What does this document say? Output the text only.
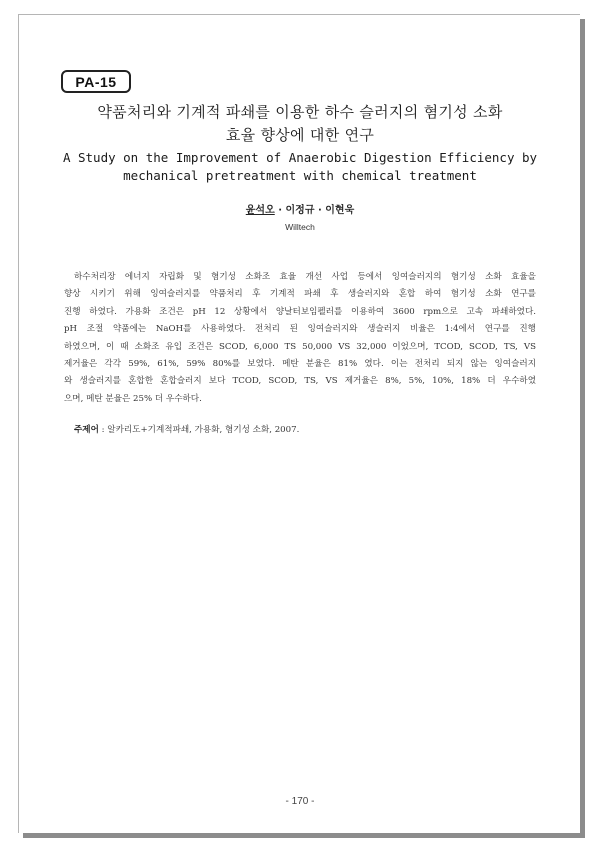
PA-15
약품처리와 기계적 파쇄를 이용한 하수 슬러지의 혐기성 소화
효율 향상에 대한 연구
A Study on the Improvement of Anaerobic Digestion Efficiency by
mechanical pretreatment with chemical treatment
윤석오 · 이정규 · 이현욱
Willtech
하수처리장 에너지 자립화 및 혐기성 소화조 효율 개선 사업 등에서 잉여슬러지의 혐기성 소화 효율을
향상 시키기 위해 잉여슬러지를 약품처리 후 기계적 파쇄 후 생슬러지와 혼합 하여 혐기성 소화 연구를
진행 하였다. 가용화 조건은 pH 12 상황에서 양날터보임펠러를 이용하여 3600 rpm으로 고속 파쇄하였다.
pH 조절 약품에는 NaOH를 사용하였다. 전처리 된 잉여슬러지와 생슬러지 비율은 1:4에서 연구를 진행
하였으며, 이 때 소화조 유입 조건은 SCOD, 6,000 TS 50,000 VS 32,000 이었으며, TCOD, SCOD, TS, VS
제거율은 각각 59%, 61%, 59% 80%를 보였다. 메탄 분율은 81% 였다. 이는 전처리 되지 않는 잉여슬러지
와 생슬러지를 혼합한 혼합슬러지 보다 TCOD, SCOD, TS, VS 제거율은 8%, 5%, 10%, 18% 더 우수하였
으며, 메탄 분율은 25% 더 우수하다.
주제어 : 알카리도+기계적파쇄, 가용화, 혐기성 소화, 2007.
- 170 -
